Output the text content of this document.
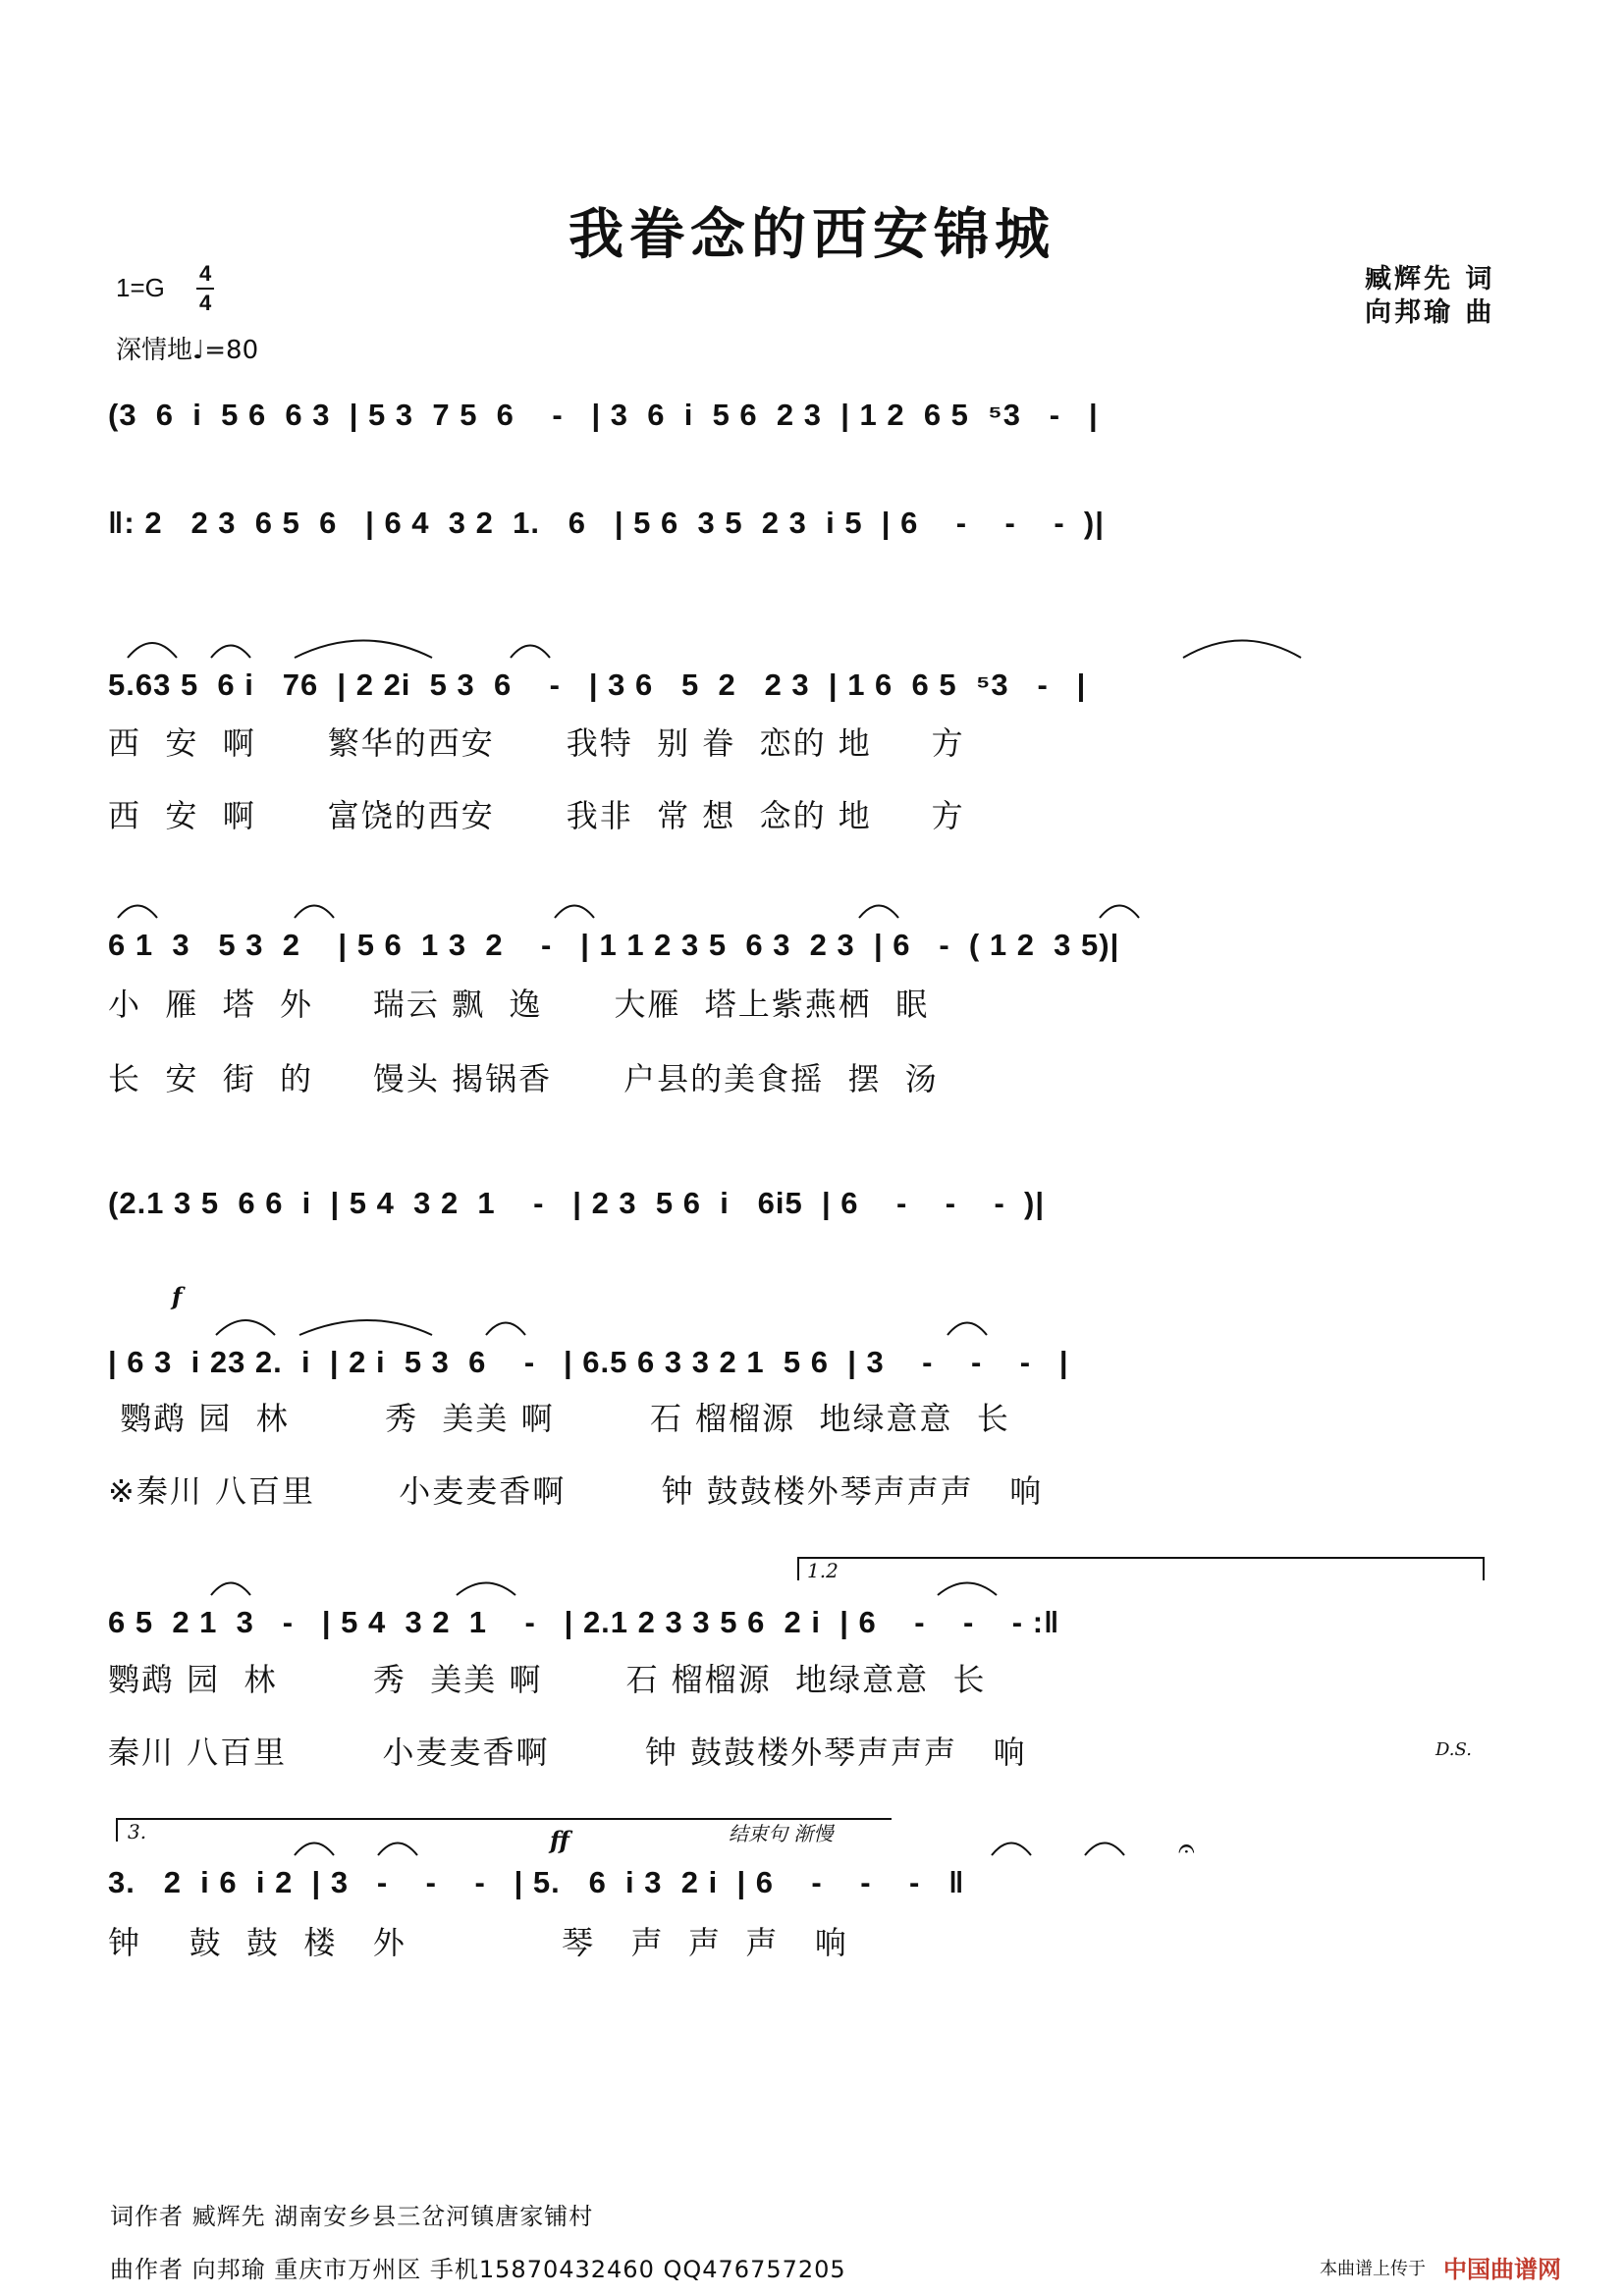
我眷念的西安锦城
臧辉先 词
向邦瑜 曲
1=G 4
4
深情地♩=80
(3  6  i  5 6  6 3  | 5 3  7 5  6    -   | 3  6  i  5 6  2 3  | 1 2  6 5  ⁵3   -   |
‖: 2   2 3  6 5  6   | 6 4  3 2  1.   6   | 5 6  3 5  2 3  i 5  | 6    -    -    -  )|
5.63 5  6 i   76  | 2 2i  5 3  6    -   | 3 6   5  2   2 3  | 1 6  6 5  ⁵3   -   |
西  安  啊      繁华的西安      我特  别 眷  恋的 地     方
西  安  啊      富饶的西安      我非  常 想  念的 地     方
6 1  3   5 3  2    | 5 6  1 3  2    -   | 1 1 2 3 5  6 3  2 3  | 6   -  ( 1 2  3 5)|
小  雁  塔  外     瑞云 飘  逸      大雁  塔上紫燕栖  眠
长  安  街  的     馒头 揭锅香      户县的美食摇  摆  汤
(2.1 3 5  6 6  i  | 5 4  3 2  1    -   | 2 3  5 6  i   6i5  | 6    -    -    -  )|
f
| 6 3  i 23 2.  i  | 2 i  5 3  6    -   | 6.5 6 3 3 2 1  5 6  | 3    -    -    -   |
鹦鹉 园  林        秀  美美 啊        石 榴榴源  地绿意意  长
※秦川 八百里       小麦麦香啊        钟 鼓鼓楼外琴声声声   响
1.2
6 5  2 1  3   -   | 5 4  3 2  1    -   | 2.1 2 3 3 5 6  2 i  | 6    -    -    - :‖
鹦鹉 园  林        秀  美美 啊       石 榴榴源  地绿意意  长
秦川 八百里        小麦麦香啊        钟 鼓鼓楼外琴声声声   响	D.S.
3.	ff	结束句 渐慢
3.   2  i 6  i 2  | 3   -    -    -   | 5.   6  i 3  2 i  | 6    -    -    -   ‖
钟    鼓  鼓  楼   外             琴   声  声  声   响
𝄐
词作者 臧辉先 湖南安乡县三岔河镇唐家铺村
曲作者 向邦瑜 重庆市万州区 手机15870432460 QQ476757205	本曲谱上传于 中国曲谱网
